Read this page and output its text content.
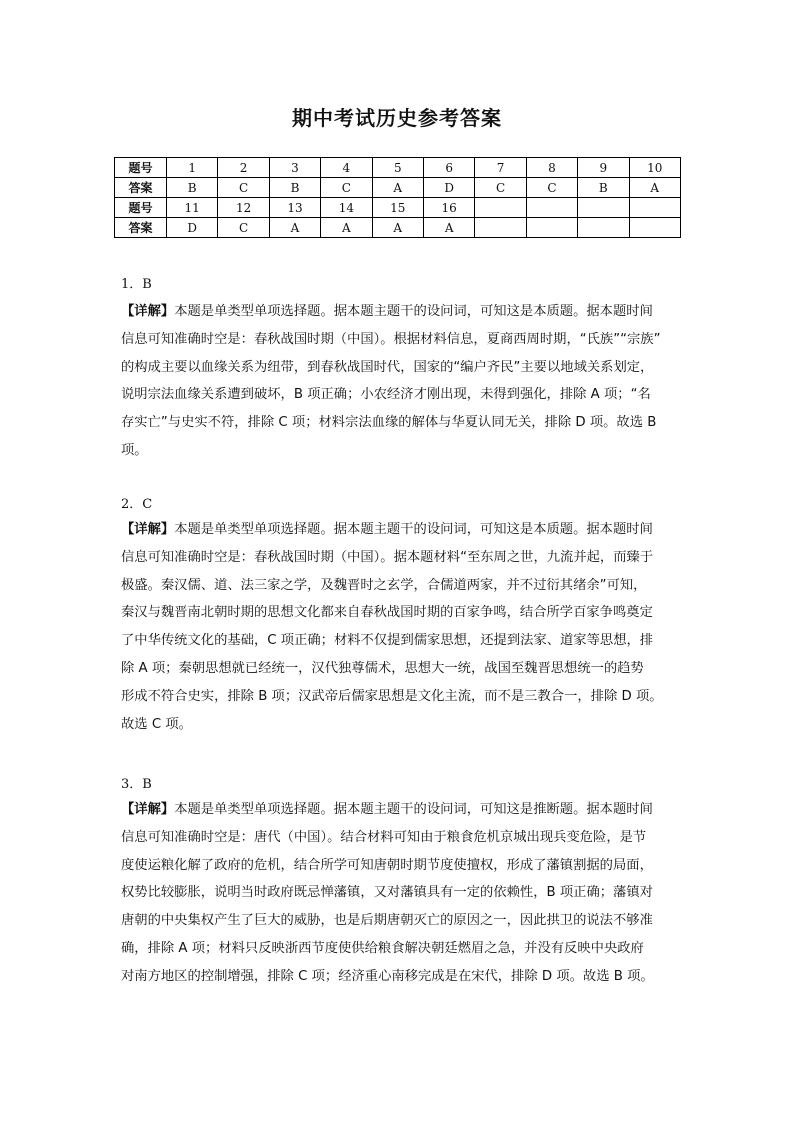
期中考试历史参考答案
题号	1	2	3	4	5	6	7	8	9	10
答案	B	C	B	C	A	D	C	C	B	A
题号	11	12	13	14	15	16				
答案	D	C	A	A	A	A				
1．B
【详解】本题是单类型单项选择题。据本题主题干的设问词，可知这是本质题。据本题时间
信息可知准确时空是：春秋战国时期（中国）。根据材料信息，夏商西周时期，“氏族”“宗族”
的构成主要以血缘关系为纽带，到春秋战国时代，国家的“编户齐民”主要以地域关系划定，
说明宗法血缘关系遭到破坏，B 项正确；小农经济才刚出现，未得到强化，排除 A 项；“名
存实亡”与史实不符，排除 C 项；材料宗法血缘的解体与华夏认同无关，排除 D 项。故选 B
项。
2．C
【详解】本题是单类型单项选择题。据本题主题干的设问词，可知这是本质题。据本题时间
信息可知准确时空是：春秋战国时期（中国）。据本题材料“至东周之世，九流并起，而臻于
极盛。秦汉儒、道、法三家之学，及魏晋时之玄学，合儒道两家，并不过衍其绪余”可知，
秦汉与魏晋南北朝时期的思想文化都来自春秋战国时期的百家争鸣，结合所学百家争鸣奠定
了中华传统文化的基础，C 项正确；材料不仅提到儒家思想，还提到法家、道家等思想，排
除 A 项；秦朝思想就已经统一，汉代独尊儒术，思想大一统，战国至魏晋思想统一的趋势
形成不符合史实，排除 B 项；汉武帝后儒家思想是文化主流，而不是三教合一，排除 D 项。
故选 C 项。
3．B
【详解】本题是单类型单项选择题。据本题主题干的设问词，可知这是推断题。据本题时间
信息可知准确时空是：唐代（中国）。结合材料可知由于粮食危机京城出现兵变危险，是节
度使运粮化解了政府的危机，结合所学可知唐朝时期节度使擅权，形成了藩镇割据的局面，
权势比较膨胀，说明当时政府既忌惮藩镇，又对藩镇具有一定的依赖性，B 项正确；藩镇对
唐朝的中央集权产生了巨大的威胁，也是后期唐朝灭亡的原因之一，因此拱卫的说法不够准
确，排除 A 项；材料只反映浙西节度使供给粮食解决朝廷燃眉之急，并没有反映中央政府
对南方地区的控制增强，排除 C 项；经济重心南移完成是在宋代，排除 D 项。故选 B 项。
